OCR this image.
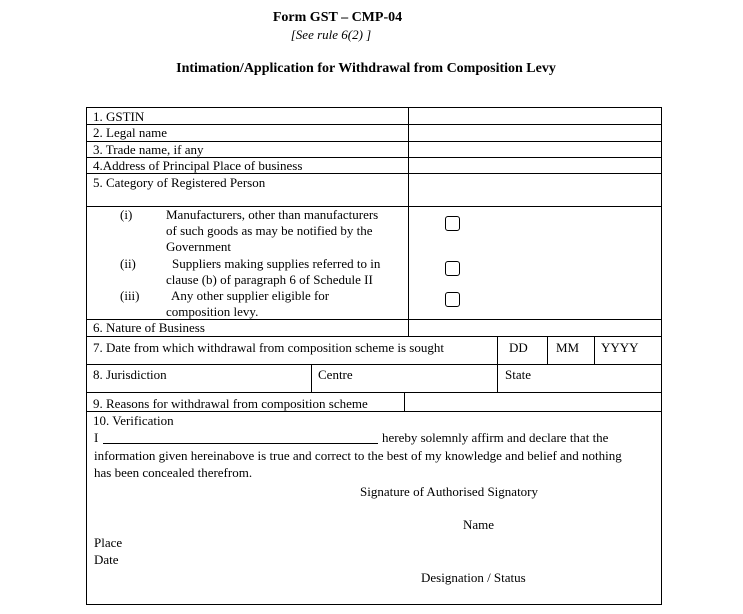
Form GST – CMP-04
[See rule 6(2) ]
Intimation/Application for Withdrawal from Composition Levy
1. GSTIN
2. Legal name
3. Trade name, if any
4.Address of Principal Place of business
5. Category of Registered Person
(i)	Manufacturers, other than manufacturers
of such goods as may be notified by the
Government
(ii)	Suppliers making supplies referred to in
clause (b) of paragraph 6 of Schedule II
(iii) Any other supplier eligible for
composition levy.
6. Nature of Business
7. Date from which withdrawal from composition scheme is sought	DD MM YYYY
8. Jurisdiction	Centre	State
9. Reasons for withdrawal from composition scheme
10. Verification
I	hereby solemnly affirm and declare that the
information given hereinabove is true and correct to the best of my knowledge and belief and nothing
has been concealed therefrom.
Signature of Authorised Signatory
Name
Place
Date
Designation / Status
